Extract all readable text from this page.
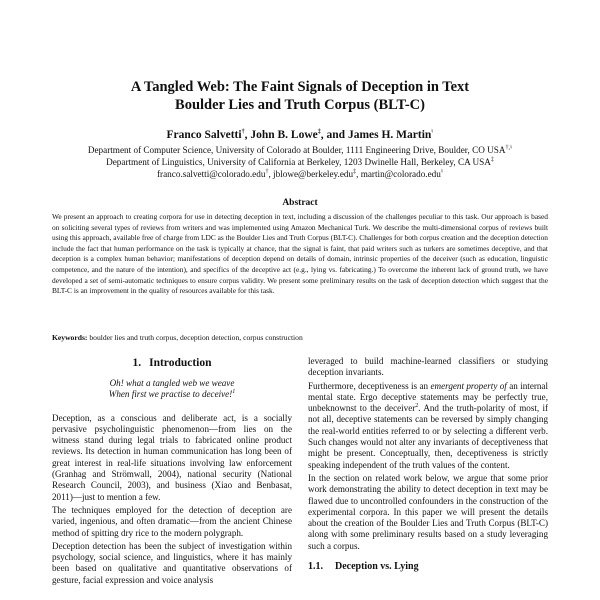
A Tangled Web: The Faint Signals of Deception in Text
Boulder Lies and Truth Corpus (BLT-C)
Franco Salvetti†, John B. Lowe‡, and James H. Martin♮
Department of Computer Science, University of Colorado at Boulder, 1111 Engineering Drive, Boulder, CO USA†,♮
Department of Linguistics, University of California at Berkeley, 1203 Dwinelle Hall, Berkeley, CA USA‡
franco.salvetti@colorado.edu†, jblowe@berkeley.edu‡, martin@colorado.edu♮
Abstract
We present an approach to creating corpora for use in detecting deception in text, including a discussion of the challenges peculiar to this task. Our approach is based on soliciting several types of reviews from writers and was implemented using Amazon Mechanical Turk. We describe the multi-dimensional corpus of reviews built using this approach, available free of charge from LDC as the Boulder Lies and Truth Corpus (BLT-C). Challenges for both corpus creation and the deception detection include the fact that human performance on the task is typically at chance, that the signal is faint, that paid writers such as turkers are sometimes deceptive, and that deception is a complex human behavior; manifestations of deception depend on details of domain, intrinsic properties of the deceiver (such as education, linguistic competence, and the nature of the intention), and specifics of the deceptive act (e.g., lying vs. fabricating.) To overcome the inherent lack of ground truth, we have developed a set of semi-automatic techniques to ensure corpus validity. We present some preliminary results on the task of deception detection which suggest that the BLT-C is an improvement in the quality of resources available for this task.
Keywords: boulder lies and truth corpus, deception detection, corpus construction
1. Introduction
Oh! what a tangled web we weave
When first we practise to deceive!$^1$

Deception, as a conscious and deliberate act, is a socially pervasive psycholinguistic phenomenon—from lies on the witness stand during legal trials to fabricated online product reviews. Its detection in human communication has long been of great interest in real-life situations involving law enforcement (Granhag and Strömwall, 2004), national security (National Research Council, 2003), and business (Xiao and Benbasat, 2011)—just to mention a few.

The techniques employed for the detection of deception are varied, ingenious, and often dramatic—from the ancient Chinese method of spitting dry rice to the modern polygraph.

Deception detection has been the subject of investigation within psychology, social science, and linguistics, where it has mainly been based on qualitative and quantitative observations of gesture, facial expression and voice analysis

leveraged to build machine-learned classifiers or studying deception invariants.

Furthermore, deceptiveness is an emergent property of an internal mental state. Ergo deceptive statements may be perfectly true, unbeknownst to the deceiver$^2$. And the truth-polarity of most, if not all, deceptive statements can be reversed by simply changing the real-world entities referred to or by selecting a different verb. Such changes would not alter any invariants of deceptiveness that might be present. Conceptually, then, deceptiveness is strictly speaking independent of the truth values of the content.

In the section on related work below, we argue that some prior work demonstrating the ability to detect deception in text may be flawed due to uncontrolled confounders in the construction of the experimental corpora. In this paper we will present the details about the creation of the Boulder Lies and Truth Corpus (BLT-C) along with some preliminary results based on a study leveraging such a corpus.

1.1. Deception vs. Lying
